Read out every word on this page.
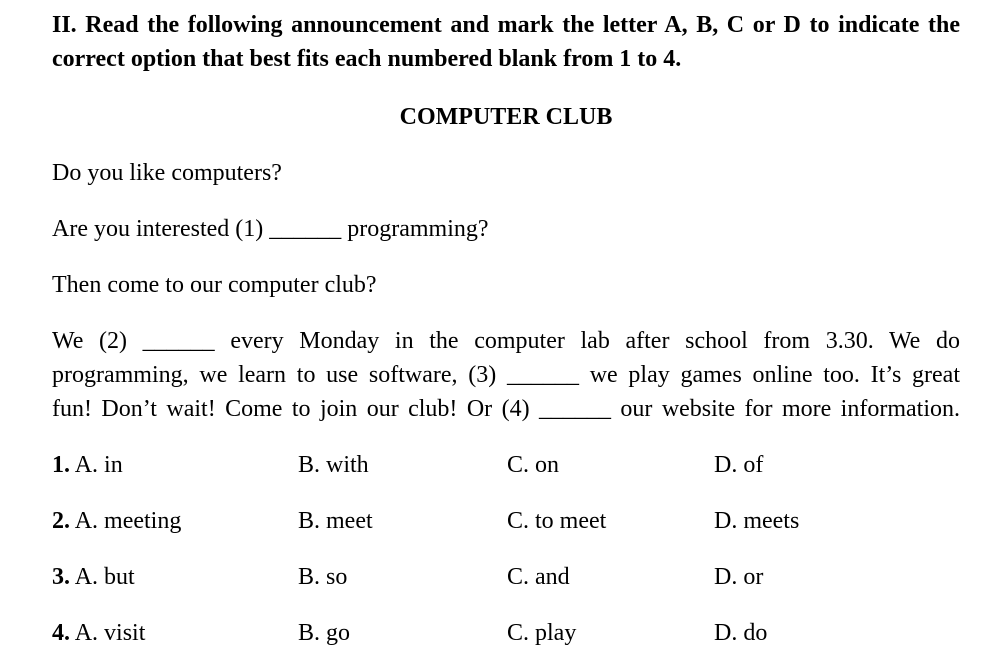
II. Read the following announcement and mark the letter A, B, C or D to indicate the correct option that best fits each numbered blank from 1 to 4.

COMPUTER CLUB

Do you like computers?

Are you interested (1) ______ programming?

Then come to our computer club?

We (2) ______ every Monday in the computer lab after school from 3.30. We do
programming, we learn to use software, (3) ______ we play games online too. It’s great
fun! Don’t wait! Come to join our club! Or (4) ______ our website for more information.
1. A. in	B. with	C. on	D. of
2. A. meeting	B. meet	C. to meet	D. meets
3. A. but	B. so	C. and	D. or
4. A. visit	B. go	C. play	D. do
